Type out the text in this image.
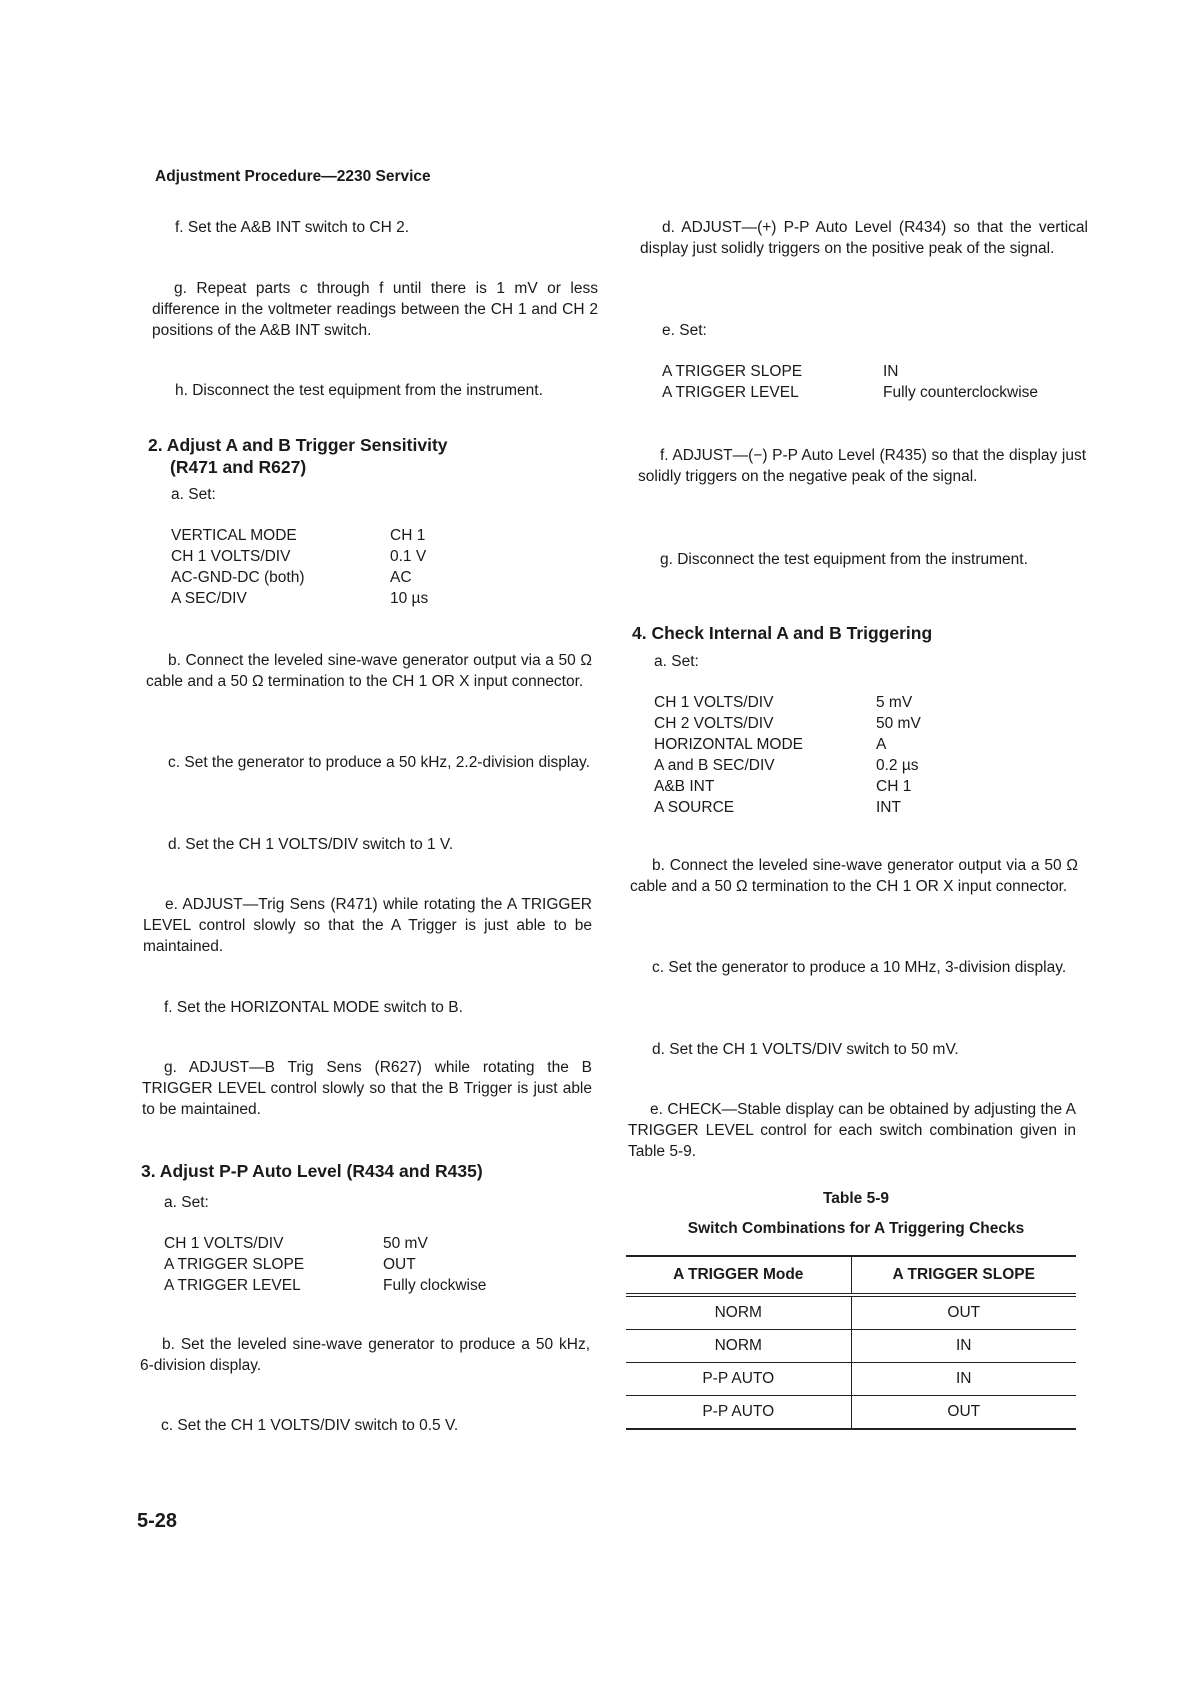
Adjustment Procedure—2230 Service

f. Set the A&B INT switch to CH 2.

g. Repeat parts c through f until there is 1 mV or less difference in the voltmeter readings between the CH 1 and CH 2 positions of the A&B INT switch.

h. Disconnect the test equipment from the instrument.

2. Adjust A and B Trigger Sensitivity
(R471 and R627)

a. Set:

VERTICAL MODE	CH 1
CH 1 VOLTS/DIV	0.1 V
AC-GND-DC (both)	AC
A SEC/DIV	10 µs

b. Connect the leveled sine-wave generator output via a 50 Ω cable and a 50 Ω termination to the CH 1 OR X input connector.

c. Set the generator to produce a 50 kHz, 2.2-division display.

d. Set the CH 1 VOLTS/DIV switch to 1 V.

e. ADJUST—Trig Sens (R471) while rotating the A TRIGGER LEVEL control slowly so that the A Trigger is just able to be maintained.

f. Set the HORIZONTAL MODE switch to B.

g. ADJUST—B Trig Sens (R627) while rotating the B TRIGGER LEVEL control slowly so that the B Trigger is just able to be maintained.

3. Adjust P-P Auto Level (R434 and R435)

a. Set:

CH 1 VOLTS/DIV	50 mV
A TRIGGER SLOPE	OUT
A TRIGGER LEVEL	Fully clockwise

b. Set the leveled sine-wave generator to produce a 50 kHz, 6-division display.

c. Set the CH 1 VOLTS/DIV switch to 0.5 V.

d. ADJUST—(+) P-P Auto Level (R434) so that the vertical display just solidly triggers on the positive peak of the signal.

e. Set:

A TRIGGER SLOPE	IN
A TRIGGER LEVEL	Fully counterclockwise

f. ADJUST—(−) P-P Auto Level (R435) so that the display just solidly triggers on the negative peak of the signal.

g. Disconnect the test equipment from the instrument.

4. Check Internal A and B Triggering

a. Set:

CH 1 VOLTS/DIV	5 mV
CH 2 VOLTS/DIV	50 mV
HORIZONTAL MODE	A
A and B SEC/DIV	0.2 µs
A&B INT	CH 1
A SOURCE	INT

b. Connect the leveled sine-wave generator output via a 50 Ω cable and a 50 Ω termination to the CH 1 OR X input connector.

c. Set the generator to produce a 10 MHz, 3-division display.

d. Set the CH 1 VOLTS/DIV switch to 50 mV.

e. CHECK—Stable display can be obtained by adjusting the A TRIGGER LEVEL control for each switch combination given in Table 5-9.

Table 5-9
Switch Combinations for A Triggering Checks
A TRIGGER Mode	A TRIGGER SLOPE
NORM	OUT
NORM	IN
P-P AUTO	IN
P-P AUTO	OUT
5-28
